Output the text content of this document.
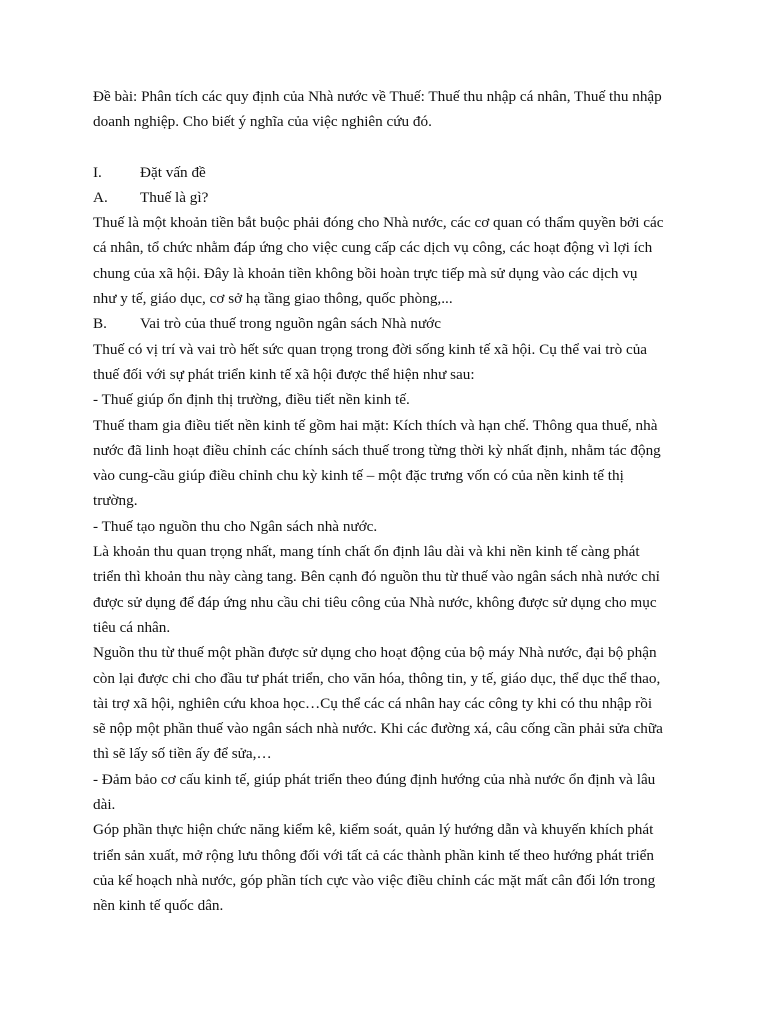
Đề bài: Phân tích các quy định của Nhà nước về Thuế: Thuế thu nhập cá nhân, Thuế thu nhập

doanh nghiệp. Cho biết ý nghĩa của việc nghiên cứu đó.

I.	Đặt vấn đề

A.	Thuế là gì?

Thuế là một khoản tiền bắt buộc phải đóng cho Nhà nước, các cơ quan có thẩm quyền bởi các

cá nhân, tổ chức nhằm đáp ứng cho việc cung cấp các dịch vụ công, các hoạt động vì lợi ích

chung của xã hội. Đây là khoản tiền không bồi hoàn trực tiếp mà sử dụng vào các dịch vụ

như y tế, giáo dục, cơ sở hạ tầng giao thông, quốc phòng,...

B.	Vai trò của thuế trong nguồn ngân sách Nhà nước

Thuế có vị trí và vai trò hết sức quan trọng trong đời sống kinh tế xã hội. Cụ thể vai trò của

thuế đối với sự phát triển kinh tế xã hội được thể hiện như sau:

- Thuế giúp ổn định thị trường, điều tiết nền kinh tế.

Thuế tham gia điều tiết nền kinh tế gồm hai mặt: Kích thích và hạn chế. Thông qua thuế, nhà

nước đã linh hoạt điều chỉnh các chính sách thuế trong từng thời kỳ nhất định, nhằm tác động

vào cung-cầu giúp điều chỉnh chu kỳ kinh tế – một đặc trưng vốn có của nền kinh tế thị

trường.

- Thuế tạo nguồn thu cho Ngân sách nhà nước.

Là khoản thu quan trọng nhất, mang tính chất ổn định lâu dài và khi nền kinh tế càng phát

triển thì khoản thu này càng tang. Bên cạnh đó nguồn thu từ thuế vào ngân sách nhà nước chỉ

được sử dụng để đáp ứng nhu cầu chi tiêu công của Nhà nước, không được sử dụng cho mục

tiêu cá nhân.

Nguồn thu từ thuế một phần được sử dụng cho hoạt động của bộ máy Nhà nước, đại bộ phận

còn lại được chi cho đầu tư phát triển, cho văn hóa, thông tin, y tế, giáo dục, thể dục thể thao,

tài trợ xã hội, nghiên cứu khoa học…Cụ thể các cá nhân hay các công ty khi có thu nhập rồi

sẽ nộp một phần thuế vào ngân sách nhà nước. Khi các đường xá, câu cống cần phải sửa chữa

thì sẽ lấy số tiền ấy để sửa,…

- Đảm bảo cơ cấu kinh tế, giúp phát triển theo đúng định hướng của nhà nước ổn định và lâu

dài.

Góp phần thực hiện chức năng kiểm kê, kiểm soát, quản lý hướng dẫn và khuyến khích phát

triển sản xuất, mở rộng lưu thông đối với tất cả các thành phần kinh tế theo hướng phát triển

của kế hoạch nhà nước, góp phần tích cực vào việc điều chỉnh các mặt mất cân đối lớn trong

nền kinh tế quốc dân.
